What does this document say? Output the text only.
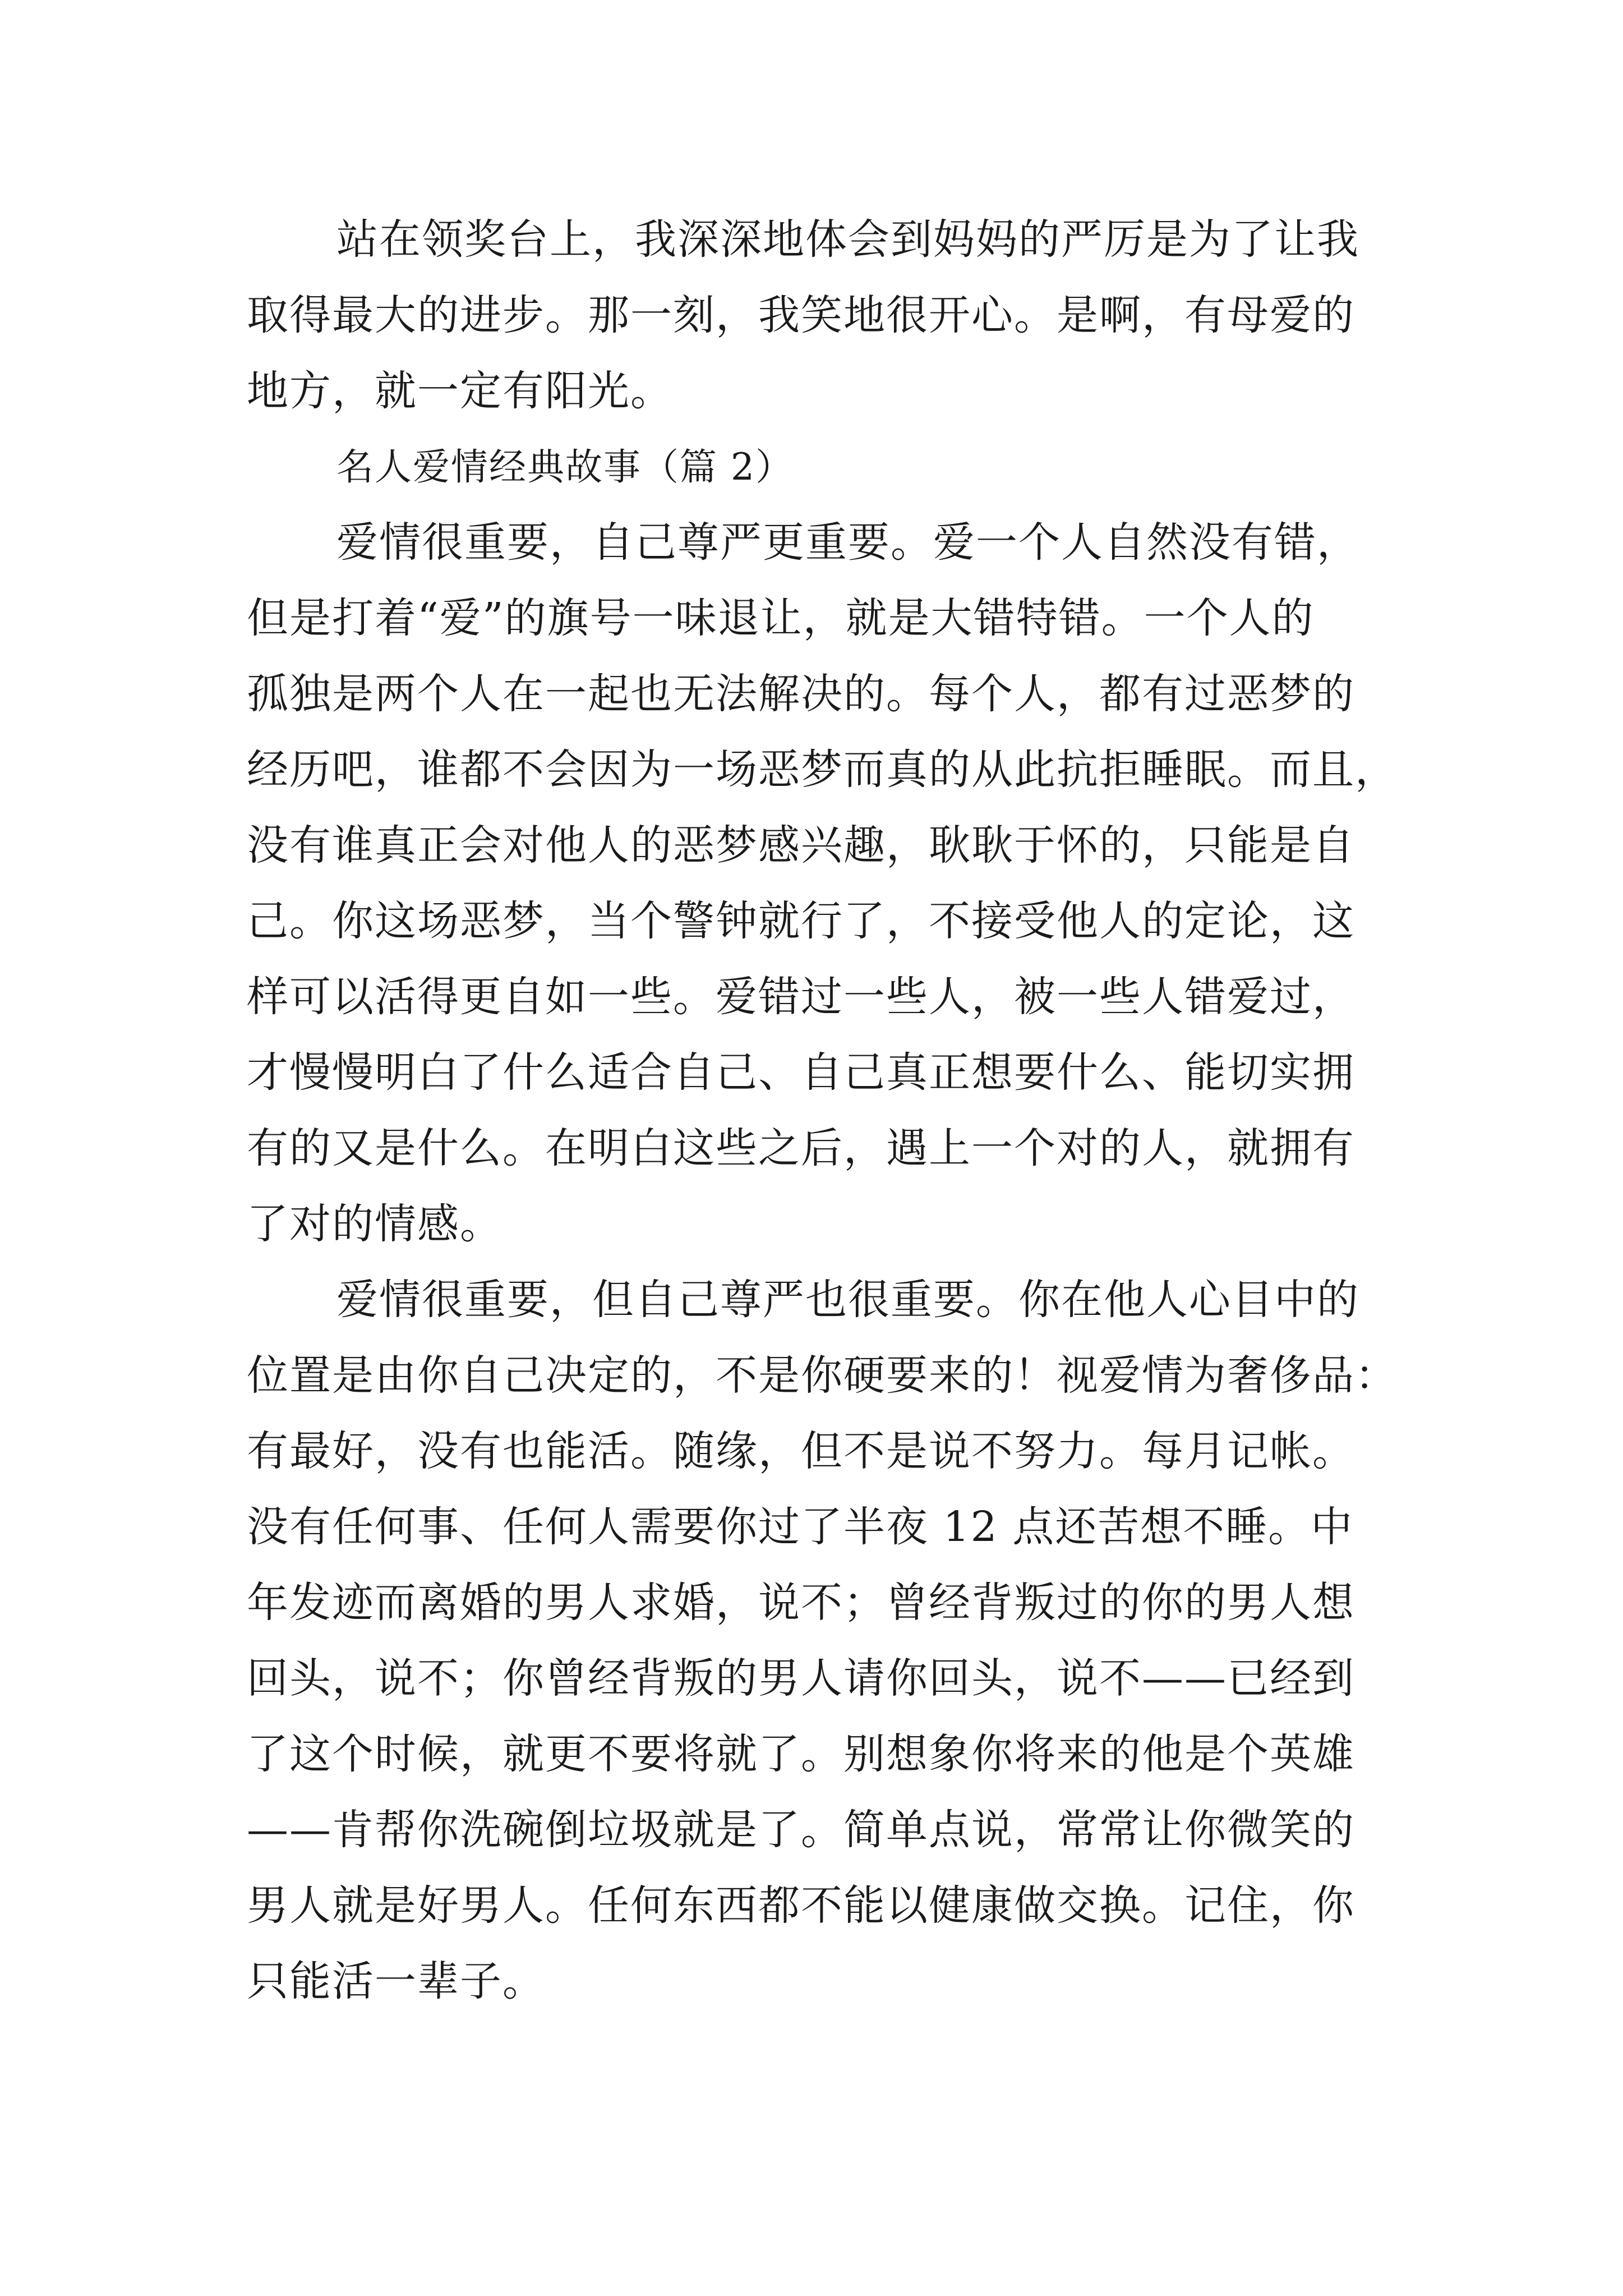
站在领奖台上，我深深地体会到妈妈的严厉是为了让我
取得最大的进步。那一刻，我笑地很开心。是啊，有母爱的
地方，就一定有阳光。
名人爱情经典故事（篇 2）
爱情很重要，自己尊严更重要。爱一个人自然没有错，
但是打着“爱”的旗号一味退让，就是大错特错。一个人的
孤独是两个人在一起也无法解决的。每个人，都有过恶梦的
经历吧，谁都不会因为一场恶梦而真的从此抗拒睡眠。而且，
没有谁真正会对他人的恶梦感兴趣，耿耿于怀的，只能是自
己。你这场恶梦，当个警钟就行了，不接受他人的定论，这
样可以活得更自如一些。爱错过一些人，被一些人错爱过，
才慢慢明白了什么适合自己、自己真正想要什么、能切实拥
有的又是什么。在明白这些之后，遇上一个对的人，就拥有
了对的情感。
爱情很重要，但自己尊严也很重要。你在他人心目中的
位置是由你自己决定的，不是你硬要来的！视爱情为奢侈品：
有最好，没有也能活。随缘，但不是说不努力。每月记帐。
没有任何事、任何人需要你过了半夜 12 点还苦想不睡。中
年发迹而离婚的男人求婚，说不；曾经背叛过的你的男人想
回头，说不；你曾经背叛的男人请你回头，说不——已经到
了这个时候，就更不要将就了。别想象你将来的他是个英雄
——肯帮你洗碗倒垃圾就是了。简单点说，常常让你微笑的
男人就是好男人。任何东西都不能以健康做交换。记住，你
只能活一辈子。
